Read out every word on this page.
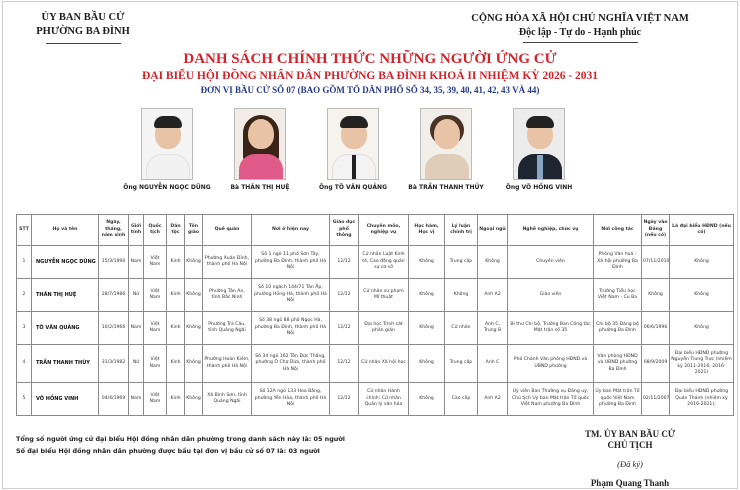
ỦY BAN BẦU CỬ
PHƯỜNG BA ĐÌNH
CỘNG HÒA XÃ HỘI CHỦ NGHĨA VIỆT NAM
Độc lập - Tự do - Hạnh phúc
DANH SÁCH CHÍNH THỨC NHỮNG NGƯỜI ỨNG CỬ
ĐẠI BIỂU HỘI ĐỒNG NHÂN DÂN PHƯỜNG BA ĐÌNH KHOÁ II NHIỆM KỲ 2026 - 2031
ĐƠN VỊ BẦU CỬ SỐ 07 (BAO GỒM TỔ DÂN PHỐ SỐ 34, 35, 39, 40, 41, 42, 43 VÀ 44)
Ông NGUYỄN NGỌC DŨNG	Bà THÂN THỊ HUỆ	Ông TÔ VĂN QUẢNG	Bà TRẦN THANH THỦY	Ông VÕ HỒNG VINH
STT	Họ và tên	Ngày, tháng, năm sinh	Giới tính	Quốc tịch	Dân tộc	Tôn giáo	Quê quán	Nơi ở hiện nay	Giáo dục phổ thông	Chuyên môn, nghiệp vụ	Học hàm, Học vị	Lý luận chính trị	Ngoại ngữ	Nghề nghiệp, chức vụ	Nơi công tác	Ngày vào Đảng (nếu có)	Là đại biểu HĐND (nếu có)
1	NGUYỄN NGỌC DŨNG	15/3/1990	Nam	Việt Nam	Kinh	Không	Phường Xuân Đỉnh, thành phố Hà Nội	Số 1 ngõ 11 phố Sơn Tây, phường Ba Đình, thành phố Hà Nội	12/12	Cử nhân Luật Kinh tế, Cao đẳng quân sự cơ sở	Không	Trung cấp	Không	Chuyên viên	Phòng Văn hoá - Xã hội phường Ba Đình	07/11/2010	Không
2	THÂN THỊ HUỆ	28/7/1986	Nữ	Việt Nam	Kinh	Không	Phường Tân An, tỉnh Bắc Ninh	Số 10 ngách 144/71 Tân Ấp, phường Hồng Hà, thành phố Hà Nội	12/12	Cử nhân sư phạm Mĩ thuật	Không	Không	Anh A2	Giáo viên	Trường Tiểu học Việt Nam - Cu Ba	Không	Không
3	TÔ VĂN QUẢNG	10/2/1966	Nam	Việt Nam	Kinh	Không	Phường Trà Câu, tỉnh Quảng Ngãi	Số 38 ngõ 88 phố Ngọc Hà, phường Ba Đình, thành phố Hà Nội	12/12	Đại học Trinh sát phản gián	Không	Cử nhân	Anh C, Trung B	Bí thư Chi bộ, Trưởng Ban Công tác Mặt trận số 35	Chi bộ 35 Đảng bộ phường Ba Đình	06/6/1996	Không
4	TRẦN THANH THÙY	31/3/1982	Nữ	Việt Nam	Kinh	Không	Phường Hoàn Kiếm, thành phố Hà Nội	Số 34 ngõ 162 Tôn Đức Thắng, phường Ô Chợ Dừa, thành phố Hà Nội	12/12	Cử nhân Xã hội học	Không	Trung cấp	Anh C	Phó Chánh Văn phòng HĐND và UBND phường	Văn phòng HĐND và UBND phường Ba Đình	08/9/2009	Đại biểu HĐND phường Nguyễn Trung Trực (nhiệm kỳ 2011-2016; 2016-2021)
5	VÕ HỒNG VINH	04/4/1969	Nam	Việt Nam	Kinh	Không	Xã Bình Sơn, tỉnh Quảng Ngãi	Số 12A ngõ 133 Hoa Bằng, phường Yên Hòa, thành phố Hà Nội	12/12	Cử nhân Hành chính; Cử nhân Quản lý văn hóa	Không	Cao cấp	Anh A2	Uỷ viên Ban Thường vụ Đảng uỷ, Chủ tịch Uỷ ban Mặt trận Tổ quốc Việt Nam phường Ba Đình	Ủy ban Mặt trận Tổ quốc Việt Nam phường Ba Đình	02/11/2007	Đại biểu HĐND phường Quán Thánh (nhiệm kỳ 2016-2021);
Tổng số người ứng cử đại biểu Hội đồng nhân dân phường trong danh sách này là: 05 người
Số đại biểu Hội đồng nhân dân phường được bầu tại đơn vị bầu cử số 07 là: 03 người
TM. ỦY BAN BẦU CỬ
CHỦ TỊCH
(Đã ký)
Phạm Quang Thanh
